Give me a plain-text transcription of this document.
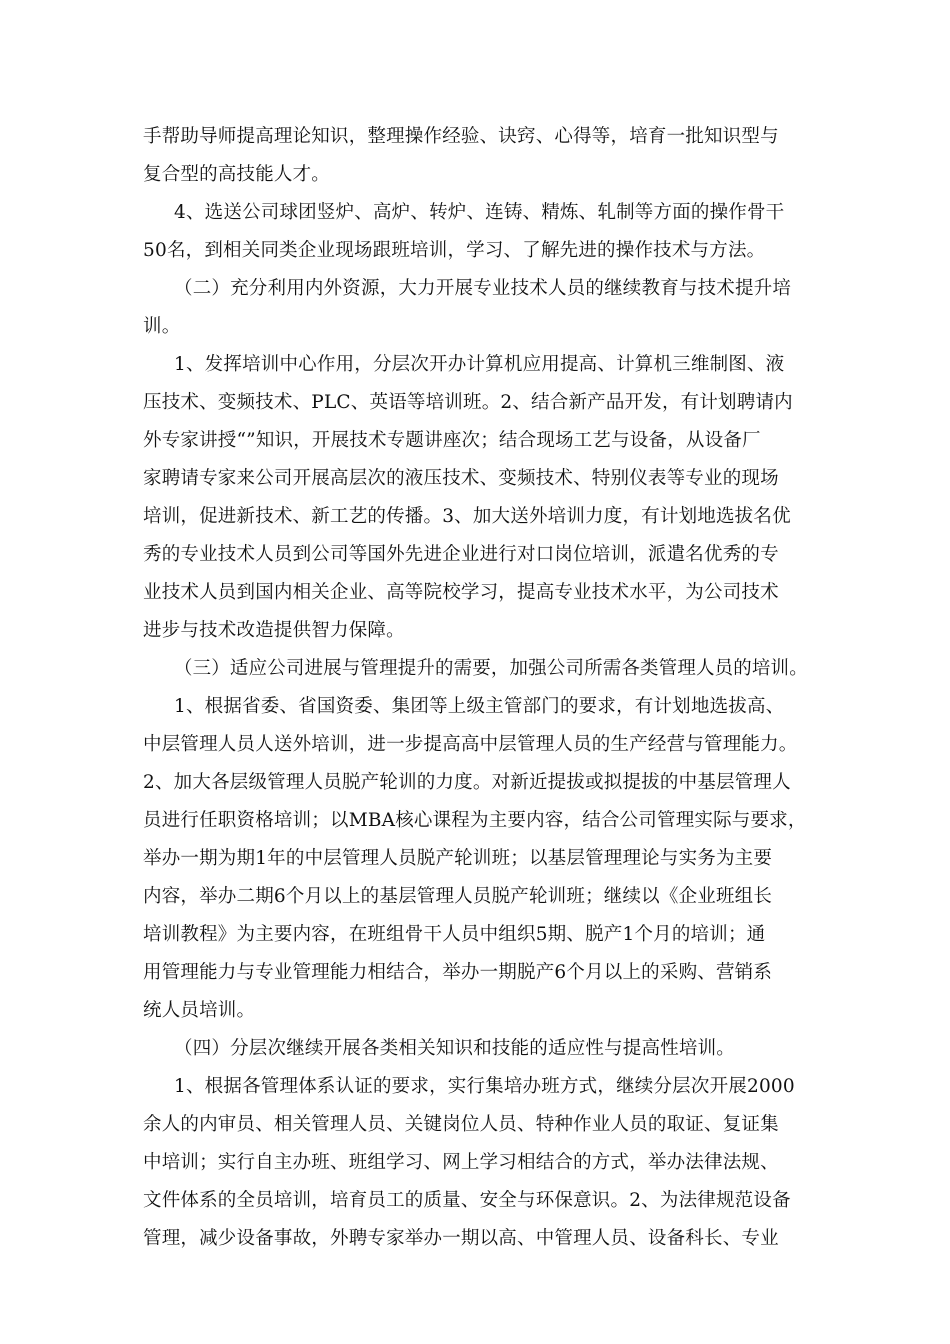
手帮助导师提高理论知识，整理操作经验、诀窍、心得等，培育一批知识型与
复合型的高技能人才。
4、选送公司球团竖炉、高炉、转炉、连铸、精炼、轧制等方面的操作骨干
50名，到相关同类企业现场跟班培训，学习、了解先进的操作技术与方法。
（二）充分利用内外资源，大力开展专业技术人员的继续教育与技术提升培
训。
1、发挥培训中心作用，分层次开办计算机应用提高、计算机三维制图、液
压技术、变频技术、PLC、英语等培训班。2、结合新产品开发，有计划聘请内
外专家讲授“”知识，开展技术专题讲座次；结合现场工艺与设备，从设备厂
家聘请专家来公司开展高层次的液压技术、变频技术、特别仪表等专业的现场
培训，促进新技术、新工艺的传播。3、加大送外培训力度，有计划地选拔名优
秀的专业技术人员到公司等国外先进企业进行对口岗位培训，派遣名优秀的专
业技术人员到国内相关企业、高等院校学习，提高专业技术水平，为公司技术
进步与技术改造提供智力保障。
（三）适应公司进展与管理提升的需要，加强公司所需各类管理人员的培训。
1、根据省委、省国资委、集团等上级主管部门的要求，有计划地选拔高、
中层管理人员人送外培训，进一步提高高中层管理人员的生产经营与管理能力。
2、加大各层级管理人员脱产轮训的力度。对新近提拔或拟提拔的中基层管理人
员进行任职资格培训；以MBA核心课程为主要内容，结合公司管理实际与要求，
举办一期为期1年的中层管理人员脱产轮训班；以基层管理理论与实务为主要
内容，举办二期6个月以上的基层管理人员脱产轮训班；继续以《企业班组长
培训教程》为主要内容，在班组骨干人员中组织5期、脱产1个月的培训；通
用管理能力与专业管理能力相结合，举办一期脱产6个月以上的采购、营销系
统人员培训。
（四）分层次继续开展各类相关知识和技能的适应性与提高性培训。
1、根据各管理体系认证的要求，实行集培办班方式，继续分层次开展2000
余人的内审员、相关管理人员、关键岗位人员、特种作业人员的取证、复证集
中培训；实行自主办班、班组学习、网上学习相结合的方式，举办法律法规、
文件体系的全员培训，培育员工的质量、安全与环保意识。2、为法律规范设备
管理，减少设备事故，外聘专家举办一期以高、中管理人员、设备科长、专业
